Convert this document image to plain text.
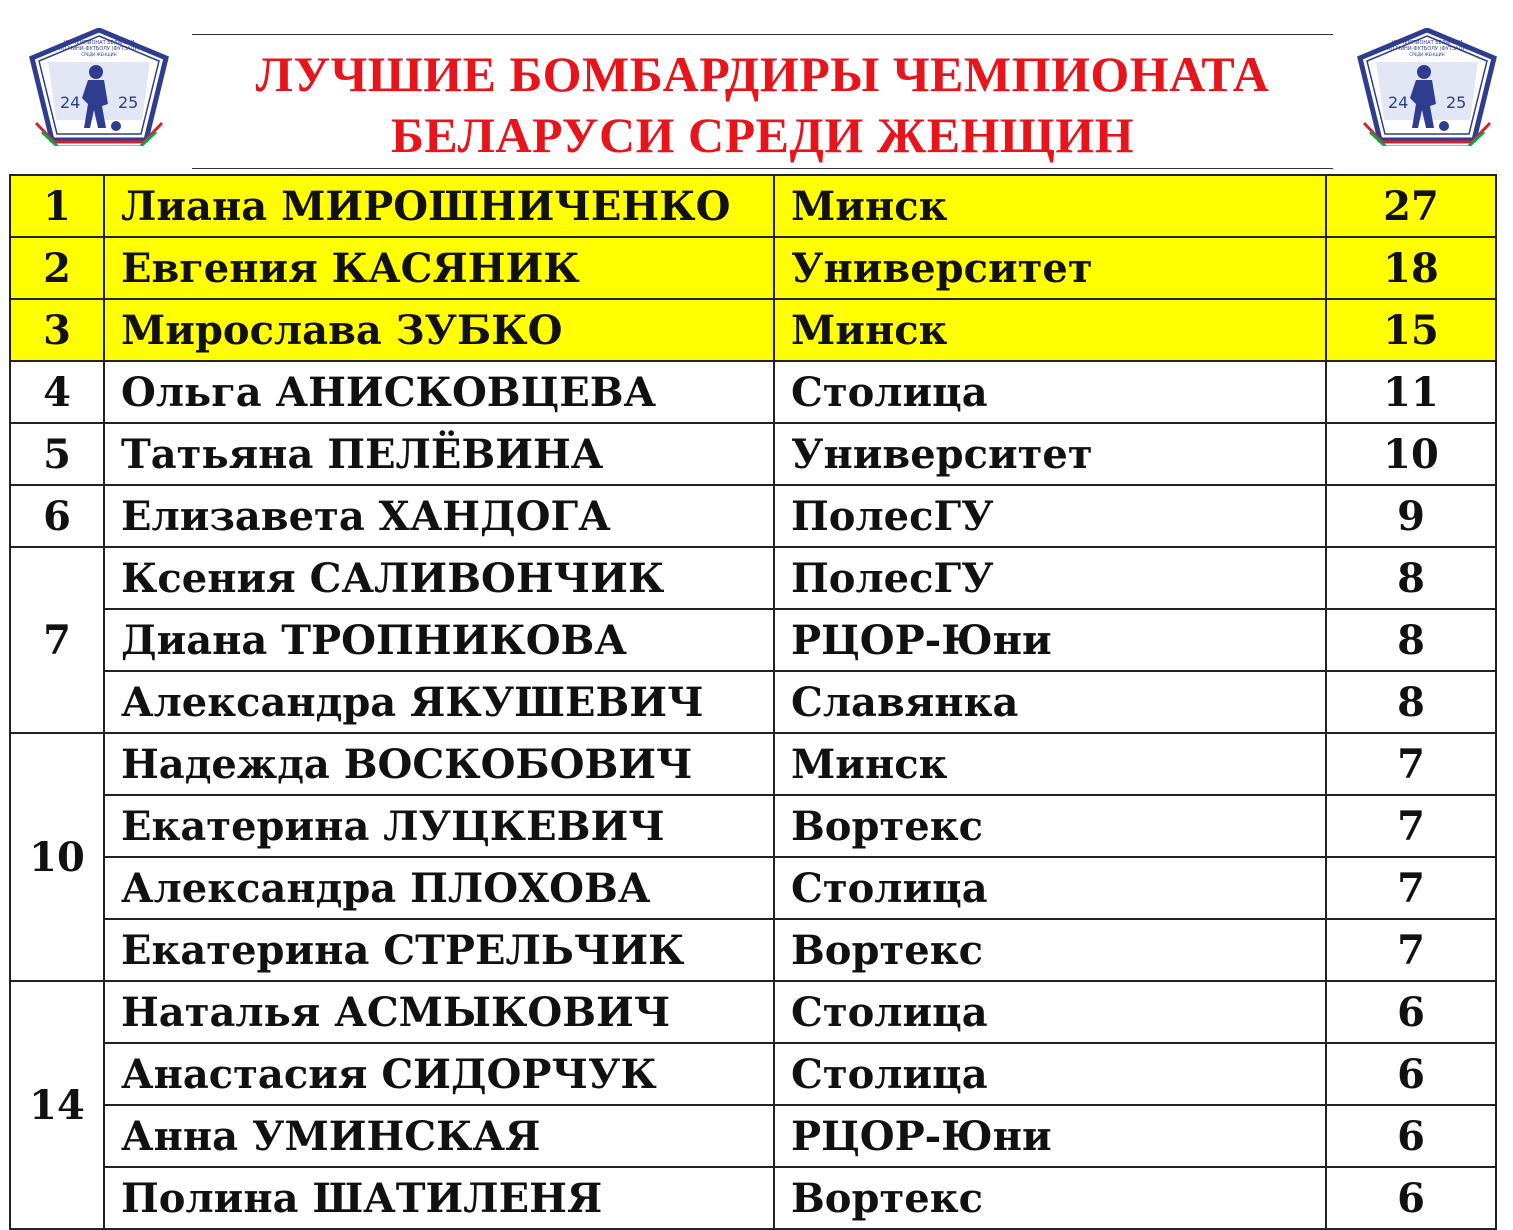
VIII ЧЕМПИОНАТ БЕЛАРУСИ
ПО МИНИ-ФУТБОЛУ (ФУТЗАЛУ)
СРЕДИ ЖЕНЩИН
24 25
VIII ЧЕМПИОНАТ БЕЛАРУСИ
ПО МИНИ-ФУТБОЛУ (ФУТЗАЛУ)
СРЕДИ ЖЕНЩИН
24 25
ЛУЧШИЕ БОМБАРДИРЫ ЧЕМПИОНАТА
БЕЛАРУСИ СРЕДИ ЖЕНЩИН
1	Лиана МИРОШНИЧЕНКО	Минск	27
2	Евгения КАСЯНИК	Университет	18
3	Мирослава ЗУБКО	Минск	15
4	Ольга АНИСКОВЦЕВА	Столица	11
5	Татьяна ПЕЛЁВИНА	Университет	10
6	Елизавета ХАНДОГА	ПолесГУ	9
7	Ксения САЛИВОНЧИК	ПолесГУ	8
	Диана ТРОПНИКОВА	РЦОР-Юни	8
	Александра ЯКУШЕВИЧ	Славянка	8
10	Надежда ВОСКОБОВИЧ	Минск	7
	Екатерина ЛУЦКЕВИЧ	Вортекс	7
	Александра ПЛОХОВА	Столица	7
	Екатерина СТРЕЛЬЧИК	Вортекс	7
14	Наталья АСМЫКОВИЧ	Столица	6
	Анастасия СИДОРЧУК	Столица	6
	Анна УМИНСКАЯ	РЦОР-Юни	6
	Полина ШАТИЛЕНЯ	Вортекс	6
